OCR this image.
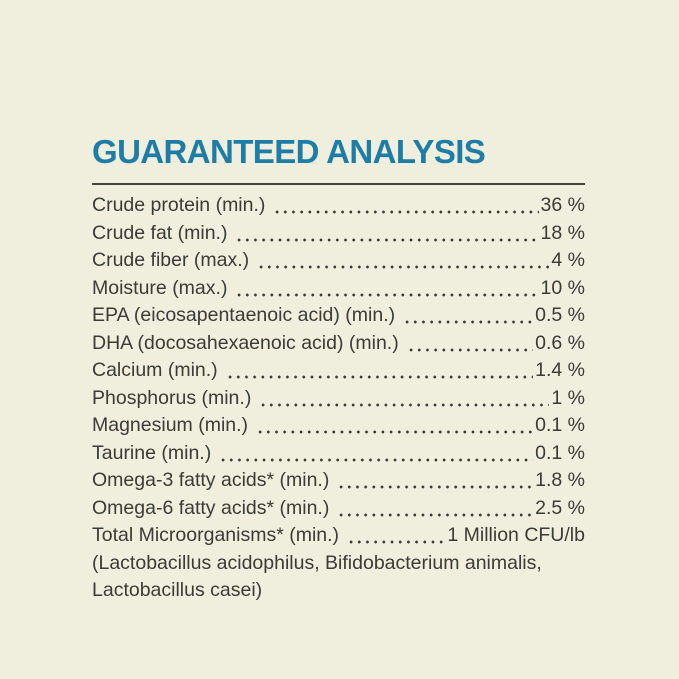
GUARANTEED ANALYSIS
Crude protein (min.)	36 %
Crude fat (min.)	18 %
Crude fiber (max.)	4 %
Moisture (max.)	10 %
EPA (eicosapentaenoic acid) (min.)	0.5 %
DHA (docosahexaenoic acid) (min.)	0.6 %
Calcium (min.)	1.4 %
Phosphorus (min.)	1 %
Magnesium (min.)	0.1 %
Taurine (min.)	0.1 %
Omega-3 fatty acids* (min.)	1.8 %
Omega-6 fatty acids* (min.)	2.5 %
Total Microorganisms* (min.)	1 Million CFU/lb
(Lactobacillus acidophilus, Bifidobacterium animalis,
Lactobacillus casei)
